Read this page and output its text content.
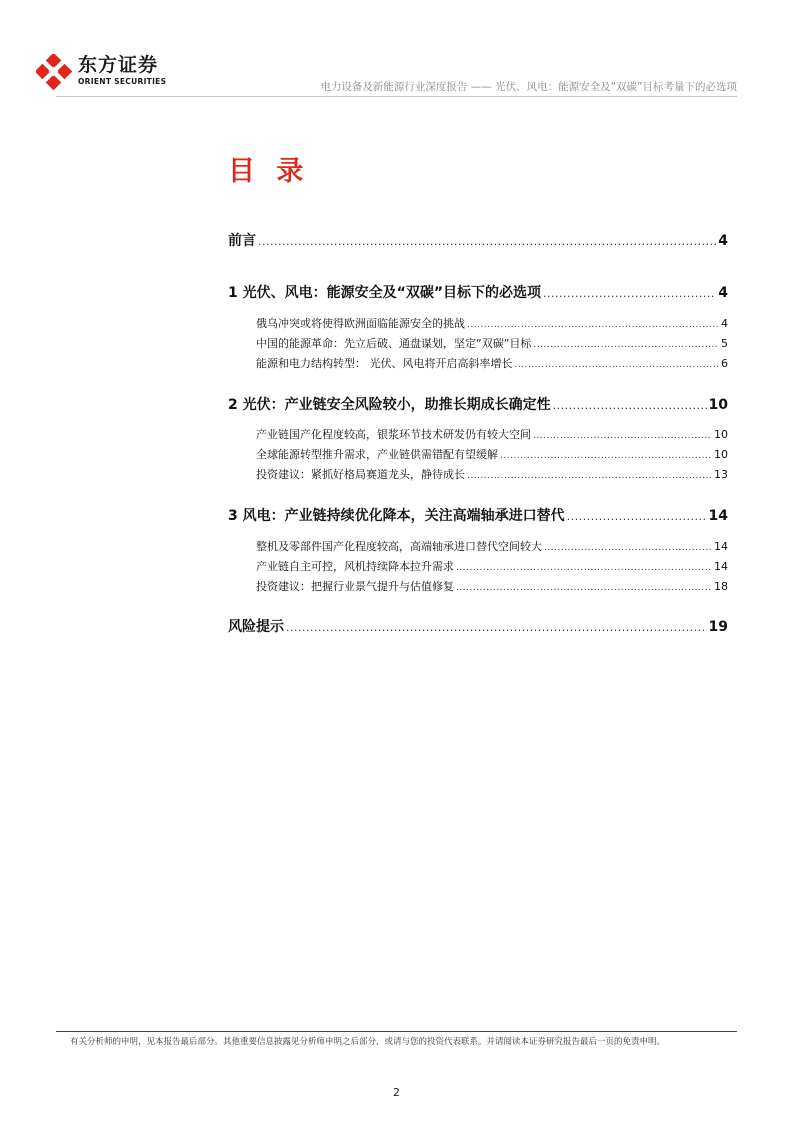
东方证券
ORIENT SECURITIES	电力设备及新能源行业深度报告 —— 光伏、风电：能源安全及“双碳”目标考量下的必选项
目 录
前言 .....	4
1 光伏、风电：能源安全及“双碳”目标下的必选项 .....	4
俄乌冲突或将使得欧洲面临能源安全的挑战 .....	4
中国的能源革命：先立后破、通盘谋划，坚定“双碳”目标 .....	5
能源和电力结构转型： 光伏、风电将开启高斜率增长 .....	6
2 光伏：产业链安全风险较小，助推长期成长确定性 .....	10
产业链国产化程度较高，银浆环节技术研发仍有较大空间 .....	10
全球能源转型推升需求，产业链供需错配有望缓解 .....	10
投资建议：紧抓好格局赛道龙头，静待成长 .....	13
3 风电：产业链持续优化降本，关注高端轴承进口替代 .....	14
整机及零部件国产化程度较高，高端轴承进口替代空间较大 .....	14
产业链自主可控，风机持续降本拉升需求 .....	14
投资建议：把握行业景气提升与估值修复 .....	18
风险提示 .....	19
有关分析师的申明，见本报告最后部分。其他重要信息披露见分析师申明之后部分，或请与您的投资代表联系。并请阅读本证券研究报告最后一页的免责申明。
2
